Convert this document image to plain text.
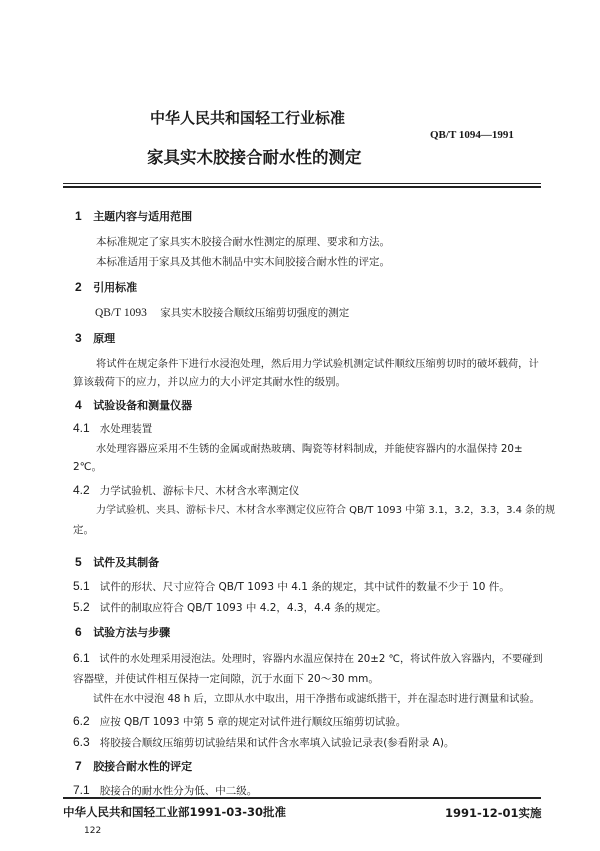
中华人民共和国轻工行业标准
QB/T 1094—1991
家具实木胶接合耐水性的测定
1 主题内容与适用范围
本标准规定了家具实木胶接合耐水性测定的原理、要求和方法。
本标准适用于家具及其他木制品中实木间胶接合耐水性的评定。
2 引用标准
QB/T 1093 家具实木胶接合顺纹压缩剪切强度的测定
3 原理
将试件在规定条件下进行水浸泡处理，然后用力学试验机测定试件顺纹压缩剪切时的破坏载荷，计
算该载荷下的应力，并以应力的大小评定其耐水性的级别。
4 试验设备和测量仪器
4.1 水处理装置
水处理容器应采用不生锈的金属或耐热玻璃、陶瓷等材料制成，并能使容器内的水温保持 20±
2℃。
4.2 力学试验机、游标卡尺、木材含水率测定仪
力学试验机、夹具、游标卡尺、木材含水率测定仪应符合 QB/T 1093 中第 3.1，3.2，3.3，3.4 条的规
定。
5 试件及其制备
5.1 试件的形状、尺寸应符合 QB/T 1093 中 4.1 条的规定，其中试件的数量不少于 10 件。
5.2 试件的制取应符合 QB/T 1093 中 4.2，4.3，4.4 条的规定。
6 试验方法与步骤
6.1 试件的水处理采用浸泡法。处理时，容器内水温应保持在 20±2 ℃，将试件放入容器内，不要碰到
容器壁，并使试件相互保持一定间隙，沉于水面下 20～30 mm。
试件在水中浸泡 48 h 后，立即从水中取出，用干净揩布或滤纸揩干，并在湿态时进行测量和试验。
6.2 应按 QB/T 1093 中第 5 章的规定对试件进行顺纹压缩剪切试验。
6.3 将胶接合顺纹压缩剪切试验结果和试件含水率填入试验记录表(参看附录 A)。
7 胶接合耐水性的评定
7.1 胶接合的耐水性分为低、中二级。
中华人民共和国轻工业部1991-03-30批准	1991-12-01实施
122
